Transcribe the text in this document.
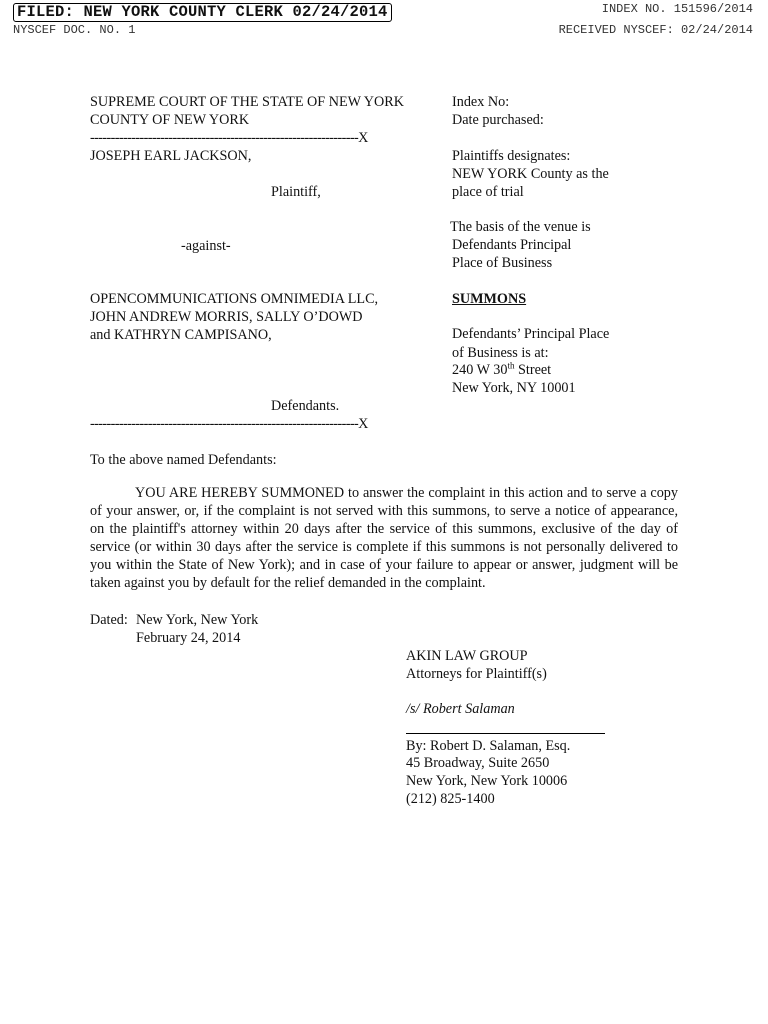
FILED: NEW YORK COUNTY CLERK 02/24/2014
NYSCEF DOC. NO. 1
INDEX NO. 151596/2014
RECEIVED NYSCEF: 02/24/2014
SUPREME COURT OF THE STATE OF NEW YORK
COUNTY OF NEW YORK
-----------------------------------------------------------------X
JOSEPH EARL JACKSON,
Plaintiff,
-against-
OPENCOMMUNICATIONS OMNIMEDIA LLC,
JOHN ANDREW MORRIS, SALLY O’DOWD
and KATHRYN CAMPISANO,
Defendants.
-----------------------------------------------------------------X
Index No:
Date purchased:
Plaintiffs designates:
NEW YORK County as the
place of trial
The basis of the venue is
Defendants Principal
Place of Business
SUMMONS
Defendants’ Principal Place
of Business is at:
240 W 30th Street
New York, NY 10001
To the above named Defendants:
YOU ARE HEREBY SUMMONED to answer the complaint in this action and to serve a copy of your answer, or, if the complaint is not served with this summons, to serve a notice of appearance, on the plaintiff's attorney within 20 days after the service of this summons, exclusive of the day of service (or within 30 days after the service is complete if this summons is not personally delivered to you within the State of New York); and in case of your failure to appear or answer, judgment will be taken against you by default for the relief demanded in the complaint.
Dated: New York, New York
February 24, 2014
AKIN LAW GROUP
Attorneys for Plaintiff(s)
/s/ Robert Salaman
By: Robert D. Salaman, Esq.
45 Broadway, Suite 2650
New York, New York 10006
(212) 825-1400
